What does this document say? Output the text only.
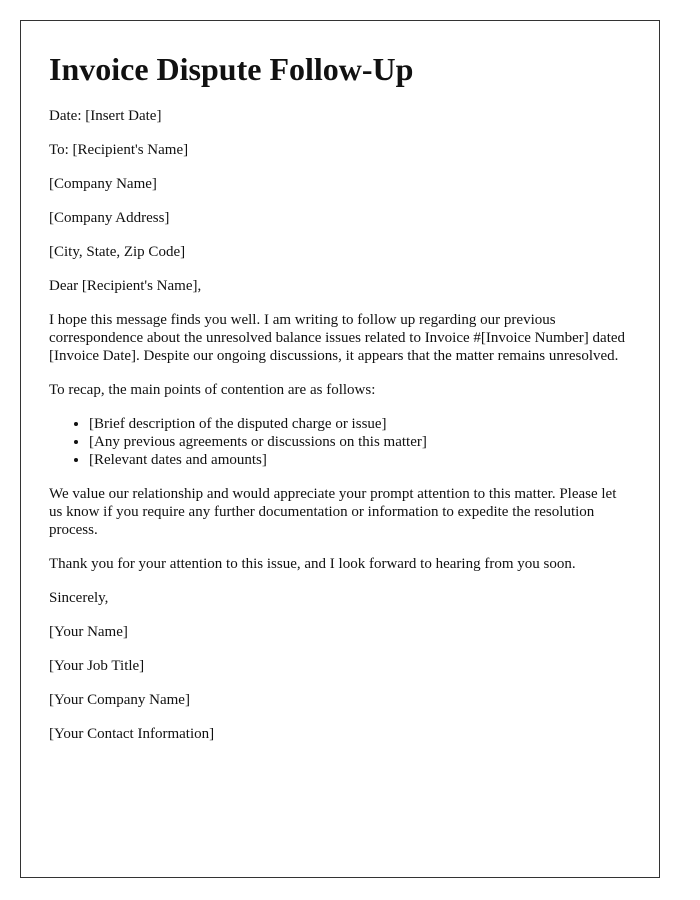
Invoice Dispute Follow-Up

Date: [Insert Date]

To: [Recipient's Name]

[Company Name]

[Company Address]

[City, State, Zip Code]

Dear [Recipient's Name],

I hope this message finds you well. I am writing to follow up regarding our previous correspondence about the unresolved balance issues related to Invoice #[Invoice Number] dated [Invoice Date]. Despite our ongoing discussions, it appears that the matter remains unresolved.

To recap, the main points of contention are as follows:

• [Brief description of the disputed charge or issue]
• [Any previous agreements or discussions on this matter]
• [Relevant dates and amounts]

We value our relationship and would appreciate your prompt attention to this matter. Please let us know if you require any further documentation or information to expedite the resolution process.

Thank you for your attention to this issue, and I look forward to hearing from you soon.

Sincerely,

[Your Name]

[Your Job Title]

[Your Company Name]

[Your Contact Information]
